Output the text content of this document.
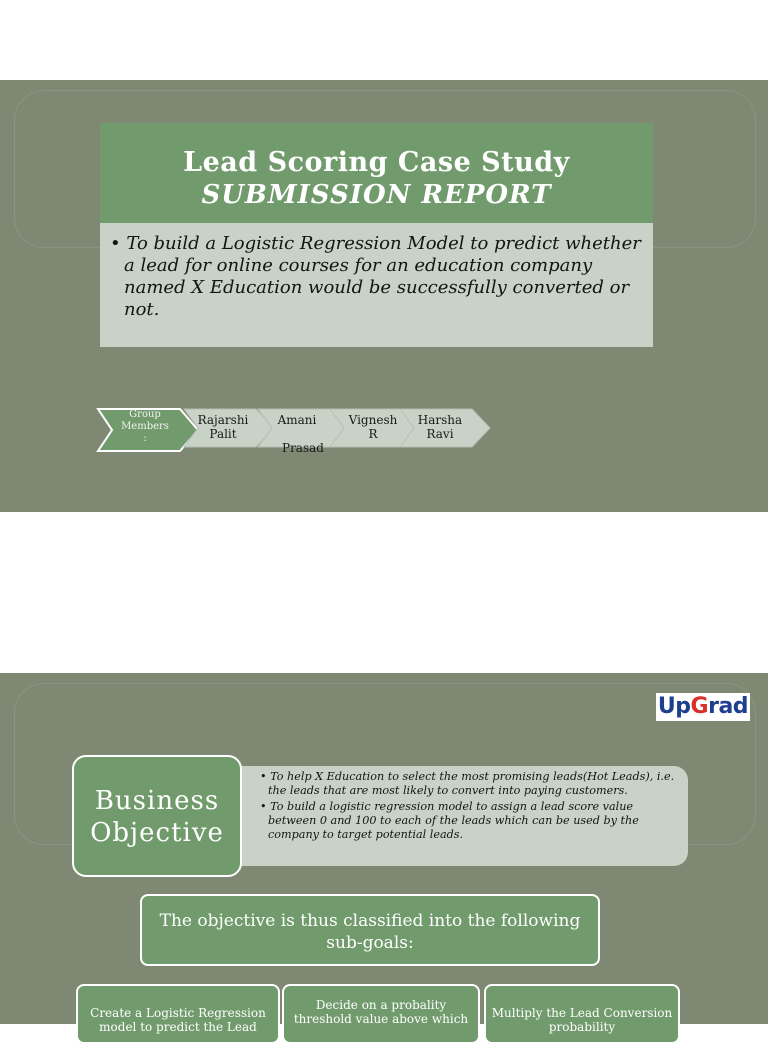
Lead Scoring Case Study
SUBMISSION REPORT
• To build a Logistic Regression Model to predict whether a lead for online courses for an education company named X Education would be successfully converted or not.
Group
Members
:
Rajarshi
Palit
Amani
Prasad
Vignesh
R
Harsha
Ravi
UpGrad
• To help X Education to select the most promising leads(Hot Leads), i.e. the leads that are most likely to convert into paying customers.
• To build a logistic regression model to assign a lead score value between 0 and 100 to each of the leads which can be used by the company to target potential leads.
Business
Objective
The objective is thus classified into the following sub-goals:
Create a Logistic Regression model to predict the Lead
Decide on a probality threshold value above which	Multiply the Lead Conversion probability
